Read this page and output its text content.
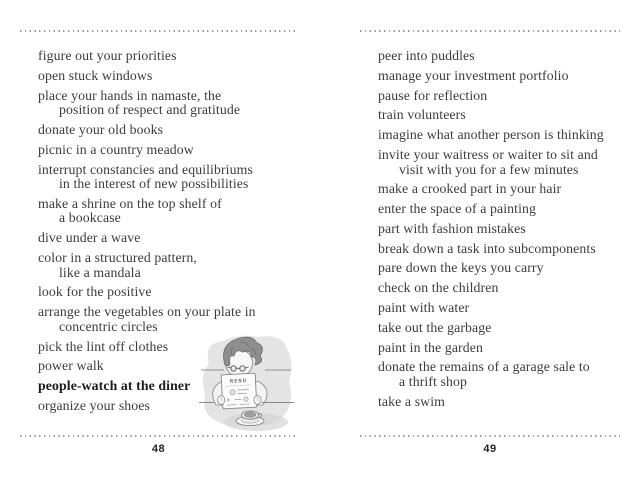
figure out your priorities
open stuck windows
place your hands in namaste, the
position of respect and gratitude
donate your old books
picnic in a country meadow
interrupt constancies and equilibriums
in the interest of new possibilities
make a shrine on the top shelf of
a bookcase
dive under a wave
color in a structured pattern,
like a mandala
look for the positive
arrange the vegetables on your plate in
concentric circles
pick the lint off clothes
power walk
people-watch at the diner
organize your shoes
48
peer into puddles
manage your investment portfolio
pause for reflection
train volunteers
imagine what another person is thinking
invite your waitress or waiter to sit and
visit with you for a few minutes
make a crooked part in your hair
enter the space of a painting
part with fashion mistakes
break down a task into subcomponents
pare down the keys you carry
check on the children
paint with water
take out the garbage
paint in the garden
donate the remains of a garage sale to
a thrift shop
take a swim
49
MENU
